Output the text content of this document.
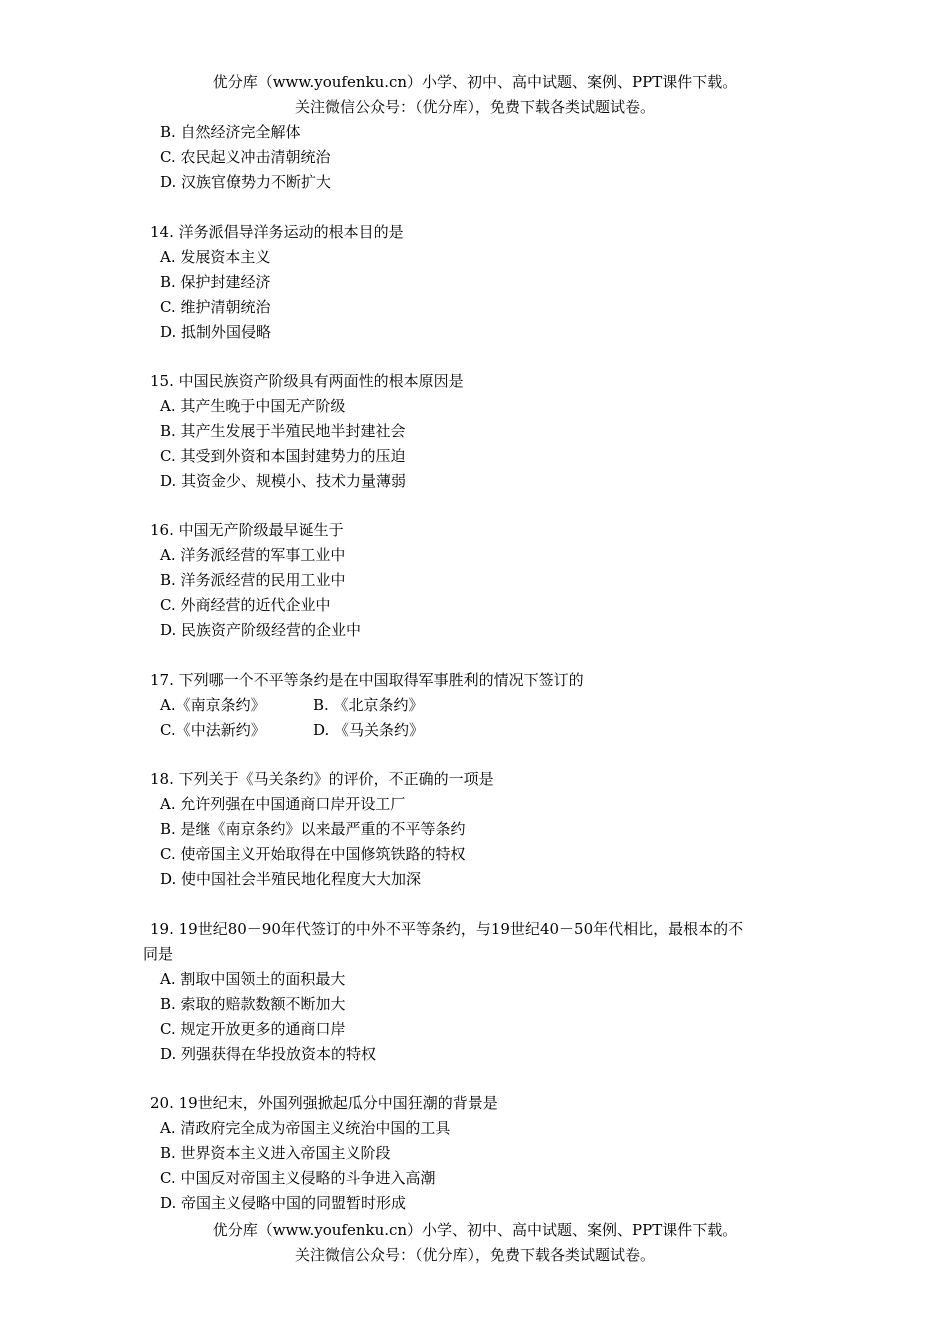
优分库（www.youfenku.cn）小学、初中、高中试题、案例、PPT课件下载。
关注微信公众号：（优分库），免费下载各类试题试卷。
B. 自然经济完全解体
C. 农民起义冲击清朝统治
D. 汉族官僚势力不断扩大
14. 洋务派倡导洋务运动的根本目的是
A. 发展资本主义
B. 保护封建经济
C. 维护清朝统治
D. 抵制外国侵略
15. 中国民族资产阶级具有两面性的根本原因是
A. 其产生晚于中国无产阶级
B. 其产生发展于半殖民地半封建社会
C. 其受到外资和本国封建势力的压迫
D. 其资金少、规模小、技术力量薄弱
16. 中国无产阶级最早诞生于
A. 洋务派经营的军事工业中
B. 洋务派经营的民用工业中
C. 外商经营的近代企业中
D. 民族资产阶级经营的企业中
17. 下列哪一个不平等条约是在中国取得军事胜利的情况下签订的
A.《南京条约》	B. 《北京条约》
C.《中法新约》	D. 《马关条约》
18. 下列关于《马关条约》的评价，不正确的一项是
A. 允许列强在中国通商口岸开设工厂
B. 是继《南京条约》以来最严重的不平等条约
C. 使帝国主义开始取得在中国修筑铁路的特权
D. 使中国社会半殖民地化程度大大加深
19. 19世纪80－90年代签订的中外不平等条约，与19世纪40－50年代相比，最根本的不
同是
A. 割取中国领土的面积最大
B. 索取的赔款数额不断加大
C. 规定开放更多的通商口岸
D. 列强获得在华投放资本的特权
20. 19世纪末，外国列强掀起瓜分中国狂潮的背景是
A. 清政府完全成为帝国主义统治中国的工具
B. 世界资本主义进入帝国主义阶段
C. 中国反对帝国主义侵略的斗争进入高潮
D. 帝国主义侵略中国的同盟暂时形成
优分库（www.youfenku.cn）小学、初中、高中试题、案例、PPT课件下载。
关注微信公众号：（优分库），免费下载各类试题试卷。
